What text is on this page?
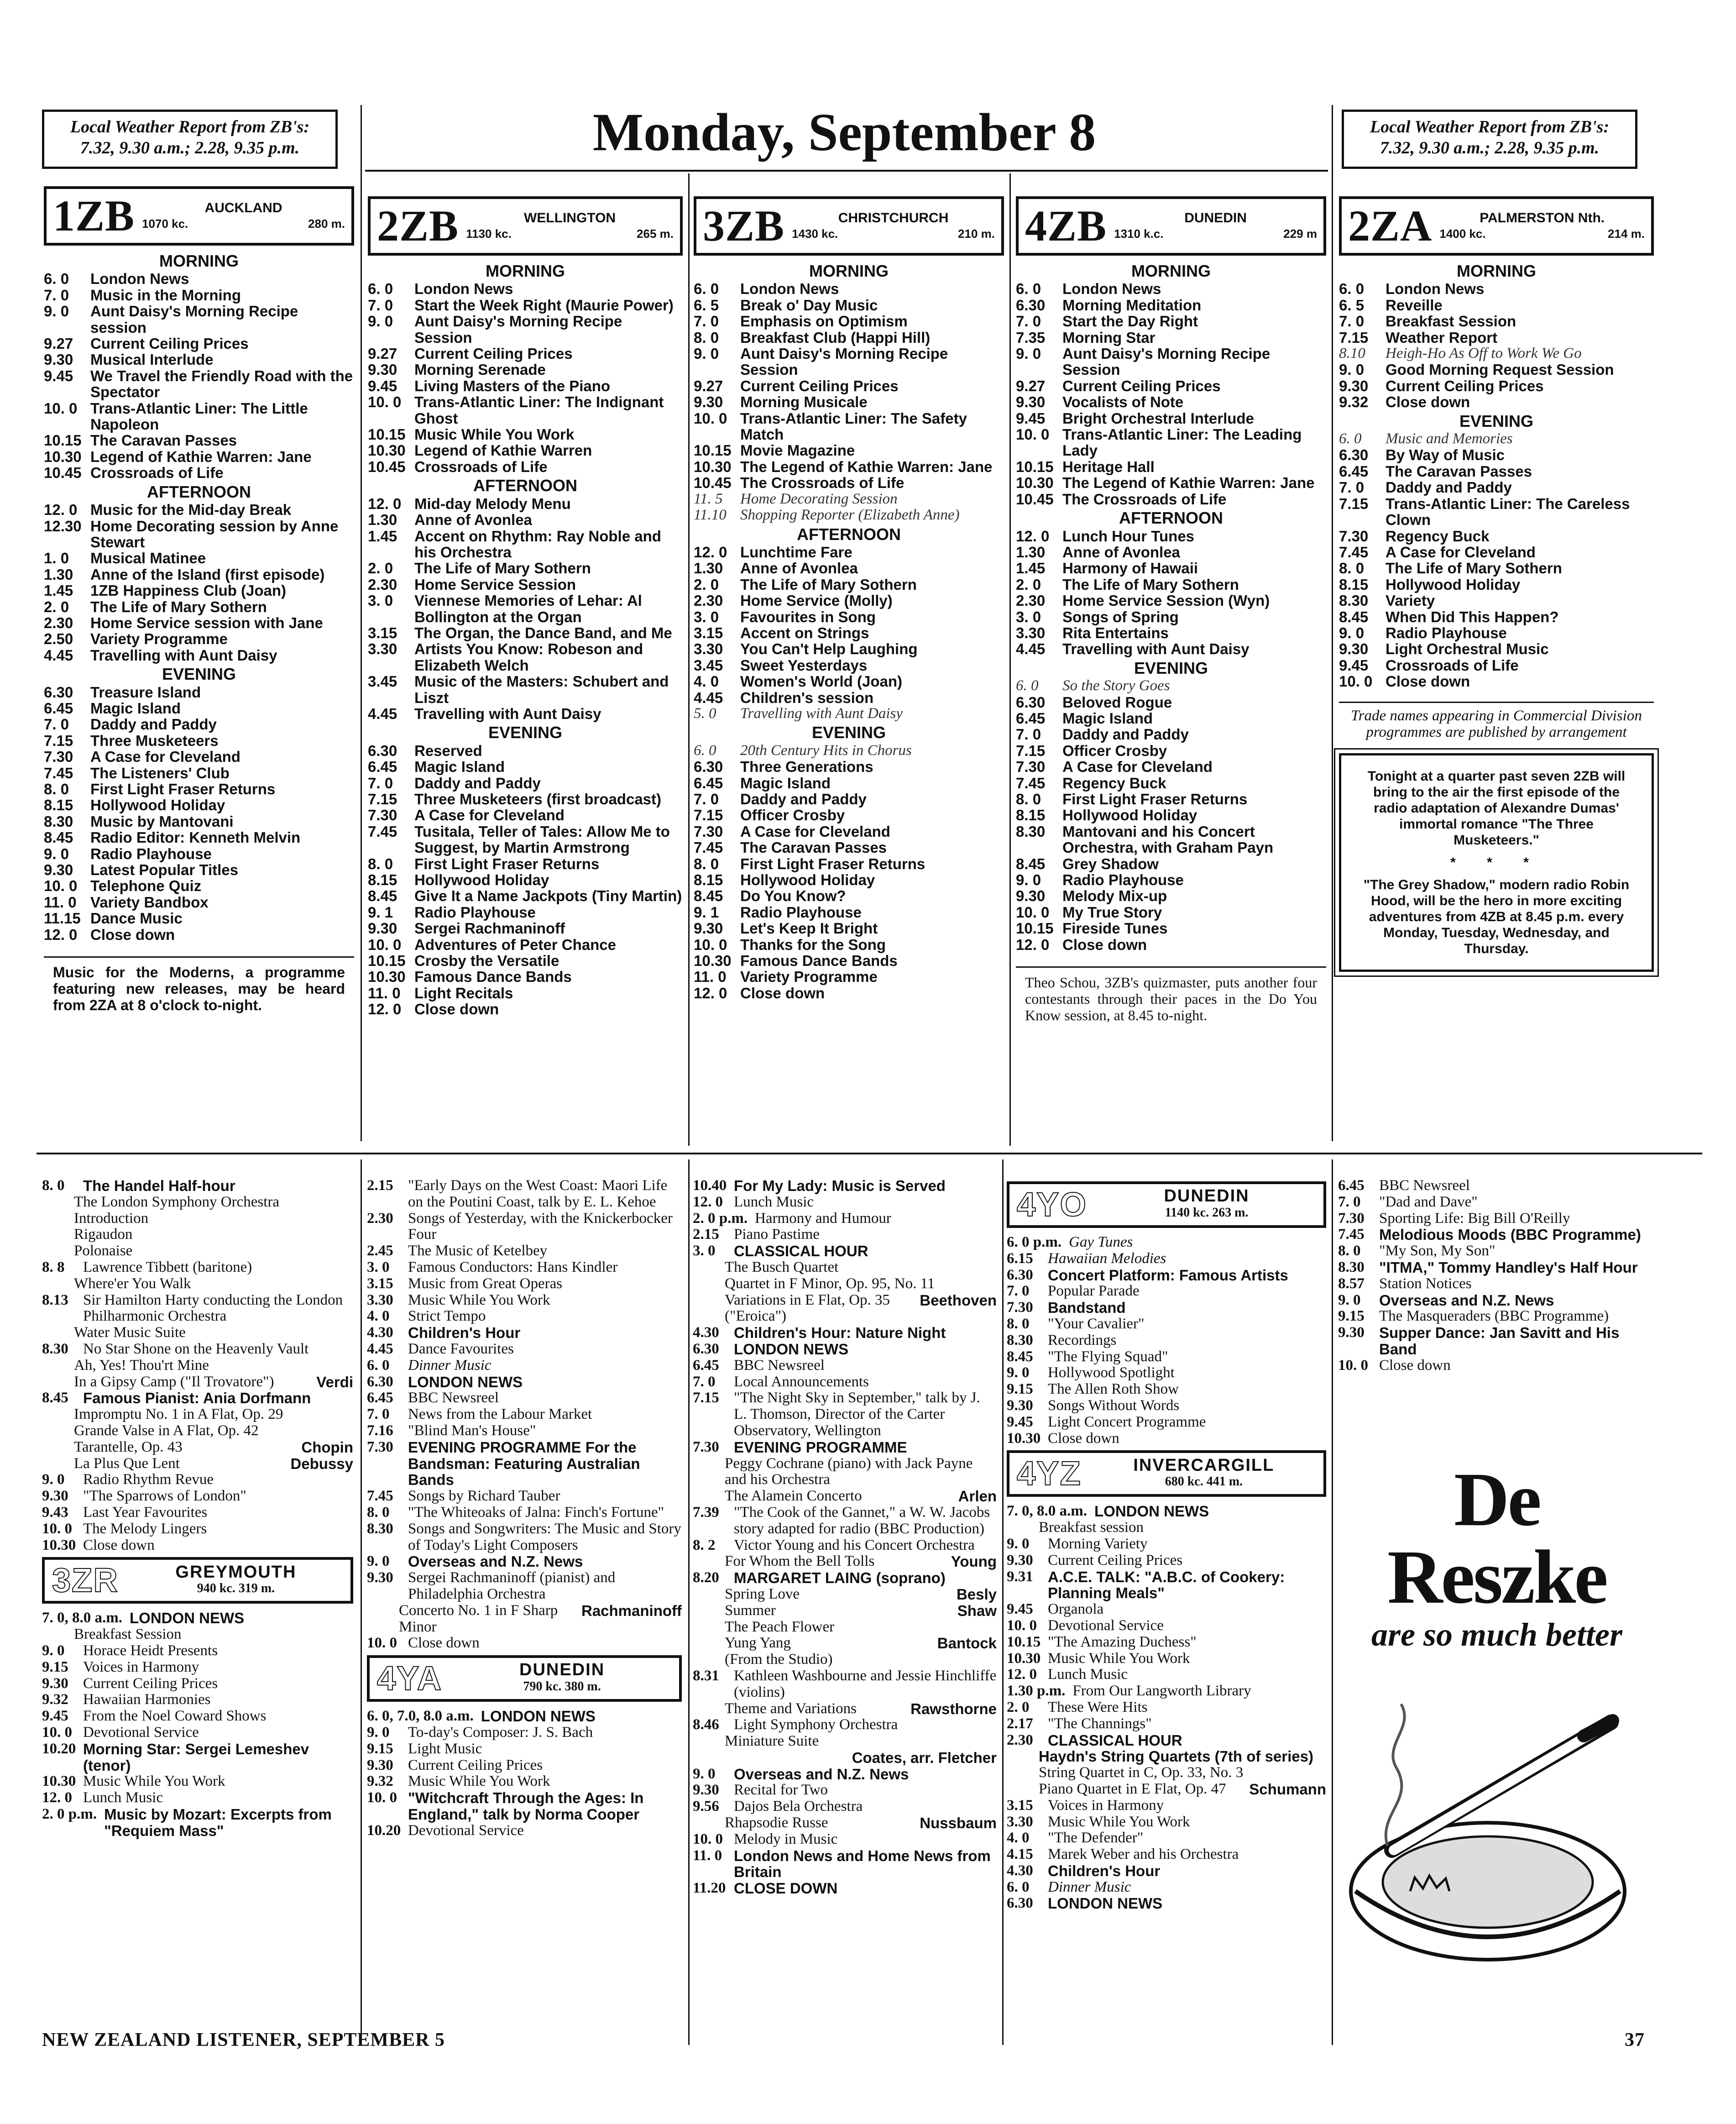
Local Weather Report from ZB's:
7.32, 9.30 a.m.; 2.28, 9.35 p.m.	Monday, September 8	Local Weather Report from ZB's:
7.32, 9.30 a.m.; 2.28, 9.35 p.m.
1ZB	AUCKLAND
1070 kc.	280 m.
MORNING
6. 0	London News
7. 0	Music in the Morning
9. 0	Aunt Daisy's Morning Recipe session
9.27	Current Ceiling Prices
9.30	Musical Interlude
9.45	We Travel the Friendly Road with the Spectator
10. 0 Trans-Atlantic Liner: The Little Napoleon
10.15 The Caravan Passes
10.30 Legend of Kathie Warren: Jane
10.45 Crossroads of Life
AFTERNOON
12. 0 Music for the Mid-day Break
12.30 Home Decorating session by Anne Stewart
1. 0	Musical Matinee
1.30	Anne of the Island (first episode)
1.45	1ZB Happiness Club (Joan)
2. 0	The Life of Mary Sothern
2.30	Home Service session with Jane
2.50	Variety Programme
4.45	Travelling with Aunt Daisy
EVENING
6.30	Treasure Island
6.45	Magic Island
7. 0	Daddy and Paddy
7.15	Three Musketeers
7.30	A Case for Cleveland
7.45	The Listeners' Club
8. 0	First Light Fraser Returns
8.15	Hollywood Holiday
8.30	Music by Mantovani
8.45	Radio Editor: Kenneth Melvin
9. 0	Radio Playhouse
9.30	Latest Popular Titles
10. 0 Telephone Quiz
11. 0 Variety Bandbox
11.15 Dance Music
12. 0 Close down
Music for the Moderns, a programme featuring new releases, may be heard from 2ZA at 8 o'clock to-night.
2ZB	WELLINGTON
1130 kc.	265 m.
MORNING
6. 0	London News
7. 0	Start the Week Right (Maurie Power)
9. 0	Aunt Daisy's Morning Recipe Session
9.27	Current Ceiling Prices
9.30	Morning Serenade
9.45	Living Masters of the Piano
10. 0 Trans-Atlantic Liner: The Indignant Ghost
10.15 Music While You Work
10.30 Legend of Kathie Warren
10.45 Crossroads of Life
AFTERNOON
12. 0 Mid-day Melody Menu
1.30	Anne of Avonlea
1.45	Accent on Rhythm: Ray Noble and his Orchestra
2. 0	The Life of Mary Sothern
2.30	Home Service Session
3. 0	Viennese Memories of Lehar: Al Bollington at the Organ
3.15	The Organ, the Dance Band, and Me
3.30	Artists You Know: Robeson and Elizabeth Welch
3.45	Music of the Masters: Schubert and Liszt
4.45	Travelling with Aunt Daisy
EVENING
6.30	Reserved
6.45	Magic Island
7. 0	Daddy and Paddy
7.15	Three Musketeers (first broadcast)
7.30	A Case for Cleveland
7.45	Tusitala, Teller of Tales: Allow Me to Suggest, by Martin Armstrong
8. 0	First Light Fraser Returns
8.15	Hollywood Holiday
8.45	Give It a Name Jackpots (Tiny Martin)
9. 1	Radio Playhouse
9.30	Sergei Rachmaninoff
10. 0 Adventures of Peter Chance
10.15 Crosby the Versatile
10.30 Famous Dance Bands
11. 0 Light Recitals
12. 0 Close down
3ZB	CHRISTCHURCH
1430 kc.	210 m.
MORNING
6. 0	London News
6. 5	Break o' Day Music
7. 0	Emphasis on Optimism
8. 0	Breakfast Club (Happi Hill)
9. 0	Aunt Daisy's Morning Recipe Session
9.27	Current Ceiling Prices
9.30	Morning Musicale
10. 0 Trans-Atlantic Liner: The Safety Match
10.15 Movie Magazine
10.30 The Legend of Kathie Warren: Jane
10.45 The Crossroads of Life
11. 5	Home Decorating Session
11.10 Shopping Reporter (Elizabeth Anne)
AFTERNOON
12. 0 Lunchtime Fare
1.30	Anne of Avonlea
2. 0	The Life of Mary Sothern
2.30	Home Service (Molly)
3. 0	Favourites in Song
3.15	Accent on Strings
3.30	You Can't Help Laughing
3.45	Sweet Yesterdays
4. 0	Women's World (Joan)
4.45	Children's session
5. 0	Travelling with Aunt Daisy
EVENING
6. 0	20th Century Hits in Chorus
6.30	Three Generations
6.45	Magic Island
7. 0	Daddy and Paddy
7.15	Officer Crosby
7.30	A Case for Cleveland
7.45	The Caravan Passes
8. 0	First Light Fraser Returns
8.15	Hollywood Holiday
8.45	Do You Know?
9. 1	Radio Playhouse
9.30	Let's Keep It Bright
10. 0 Thanks for the Song
10.30 Famous Dance Bands
11. 0 Variety Programme
12. 0 Close down
4ZB	DUNEDIN
1310 k.c.	229 m
MORNING
6. 0	London News
6.30	Morning Meditation
7. 0	Start the Day Right
7.35	Morning Star
9. 0	Aunt Daisy's Morning Recipe Session
9.27	Current Ceiling Prices
9.30	Vocalists of Note
9.45	Bright Orchestral Interlude
10. 0 Trans-Atlantic Liner: The Leading Lady
10.15 Heritage Hall
10.30 The Legend of Kathie Warren: Jane
10.45 The Crossroads of Life
AFTERNOON
12. 0 Lunch Hour Tunes
1.30	Anne of Avonlea
1.45	Harmony of Hawaii
2. 0	The Life of Mary Sothern
2.30	Home Service Session (Wyn)
3. 0	Songs of Spring
3.30	Rita Entertains
4.45	Travelling with Aunt Daisy
EVENING
6. 0	So the Story Goes
6.30	Beloved Rogue
6.45	Magic Island
7. 0	Daddy and Paddy
7.15	Officer Crosby
7.30	A Case for Cleveland
7.45	Regency Buck
8. 0	First Light Fraser Returns
8.15	Hollywood Holiday
8.30	Mantovani and his Concert Orchestra, with Graham Payn
8.45	Grey Shadow
9. 0	Radio Playhouse
9.30	Melody Mix-up
10. 0 My True Story
10.15 Fireside Tunes
12. 0 Close down
Theo Schou, 3ZB's quizmaster, puts another four contestants through their paces in the Do You Know session, at 8.45 to-night.
2ZA	PALMERSTON Nth.
1400 kc.	214 m.
MORNING
6. 0	London News
6. 5	Reveille
7. 0	Breakfast Session
7.15	Weather Report
8.10	Heigh-Ho As Off to Work We Go
9. 0	Good Morning Request Session
9.30	Current Ceiling Prices
9.32	Close down
EVENING
6. 0	Music and Memories
6.30	By Way of Music
6.45	The Caravan Passes
7. 0	Daddy and Paddy
7.15	Trans-Atlantic Liner: The Careless Clown
7.30	Regency Buck
7.45	A Case for Cleveland
8. 0	The Life of Mary Sothern
8.15	Hollywood Holiday
8.30	Variety
8.45	When Did This Happen?
9. 0	Radio Playhouse
9.30	Light Orchestral Music
9.45	Crossroads of Life
10. 0 Close down
Trade names appearing in Commercial Division programmes are published by arrangement
Tonight at a quarter past seven 2ZB will bring to the air the first episode of the radio adaptation of Alexandre Dumas' immortal romance "The Three Musketeers."
* * *
"The Grey Shadow," modern radio Robin Hood, will be the hero in more exciting adventures from 4ZB at 8.45 p.m. every Monday, Tuesday, Wednesday, and Thursday.
8. 0	The Handel Half-hour
The London Symphony Orchestra
Introduction
Rigaudon
Polonaise
8. 8	Lawrence Tibbett (baritone)
Where'er You Walk
8.13 Sir Hamilton Harty conducting the London Philharmonic Orchestra
Water Music Suite
8.30 No Star Shone on the Heavenly Vault
Ah, Yes! Thou'rt Mine
In a Gipsy Camp ("Il Trovatore")	Verdi
8.45 Famous Pianist: Ania Dorfmann
Impromptu No. 1 in A Flat, Op. 29
Grande Valse in A Flat, Op. 42
Tarantelle, Op. 43	Chopin
La Plus Que Lent	Debussy
9. 0	Radio Rhythm Revue
9.30 "The Sparrows of London"
9.43 Last Year Favourites
10. 0 The Melody Lingers
10.30 Close down
3ZR	GREYMOUTH
940 kc. 319 m.
7. 0, 8.0 a.m. LONDON NEWS
Breakfast Session
9. 0	Horace Heidt Presents
9.15 Voices in Harmony
9.30 Current Ceiling Prices
9.32 Hawaiian Harmonies
9.45 From the Noel Coward Shows
10. 0 Devotional Service
10.20 Morning Star: Sergei Lemeshev (tenor)
10.30 Music While You Work
12. 0 Lunch Music
2. 0 p.m. Music by Mozart: Excerpts from "Requiem Mass"
2.15 "Early Days on the West Coast: Maori Life on the Poutini Coast, talk by E. L. Kehoe
2.30 Songs of Yesterday, with the Knickerbocker Four
2.45 The Music of Ketelbey
3. 0	Famous Conductors: Hans Kindler
3.15 Music from Great Operas
3.30 Music While You Work
4. 0	Strict Tempo
4.30 Children's Hour
4.45 Dance Favourites
6. 0	Dinner Music
6.30 LONDON NEWS
6.45 BBC Newsreel
7. 0	News from the Labour Market
7.16 "Blind Man's House"
7.30 EVENING PROGRAMME For the Bandsman: Featuring Australian Bands
7.45 Songs by Richard Tauber
8. 0	"The Whiteoaks of Jalna: Finch's Fortune"
8.30 Songs and Songwriters: The Music and Story of Today's Light Composers
9. 0	Overseas and N.Z. News
9.30 Sergei Rachmaninoff (pianist) and Philadelphia Orchestra
Concerto No. 1 in F Sharp Minor
Rachmaninoff
10. 0 Close down
4YA	DUNEDIN
790 kc. 380 m.
6. 0, 7.0, 8.0 a.m. LONDON NEWS
9. 0	To-day's Composer: J. S. Bach
9.15 Light Music
9.30 Current Ceiling Prices
9.32 Music While You Work
10. 0 "Witchcraft Through the Ages: In England," talk by Norma Cooper
10.20 Devotional Service
10.40 For My Lady: Music is Served
12. 0 Lunch Music
2. 0 p.m. Harmony and Humour
2.15 Piano Pastime
3. 0	CLASSICAL HOUR
The Busch Quartet
Quartet in F Minor, Op. 95, No. 11
Variations in E Flat, Op. 35 ("Eroica")
Beethoven
4.30 Children's Hour: Nature Night
6.30 LONDON NEWS
6.45 BBC Newsreel
7. 0	Local Announcements
7.15 "The Night Sky in September," talk by J. L. Thomson, Director of the Carter Observatory, Wellington
7.30 EVENING PROGRAMME
Peggy Cochrane (piano) with Jack Payne and his Orchestra
The Alamein Concerto	Arlen
7.39 "The Cook of the Gannet," a W. W. Jacobs story adapted for radio (BBC Production)
8. 2	Victor Young and his Concert Orchestra
For Whom the Bell Tolls	Young
8.20 MARGARET LAING (soprano)
Spring Love	Besly
Summer	Shaw
The Peach Flower
Yung Yang	Bantock
(From the Studio)
8.31 Kathleen Washbourne and Jessie Hinchliffe (violins)
Theme and Variations	Rawsthorne
8.46 Light Symphony Orchestra
Miniature Suite
Coates, arr. Fletcher
9. 0	Overseas and N.Z. News
9.30 Recital for Two
9.56 Dajos Bela Orchestra
Rhapsodie Russe	Nussbaum
10. 0 Melody in Music
11. 0 London News and Home News from Britain
11.20 CLOSE DOWN
4YO	DUNEDIN
1140 kc. 263 m.
6. 0 p.m. Gay Tunes
6.15 Hawaiian Melodies
6.30 Concert Platform: Famous Artists
7. 0	Popular Parade
7.30 Bandstand
8. 0	"Your Cavalier"
8.30 Recordings
8.45 "The Flying Squad"
9. 0	Hollywood Spotlight
9.15 The Allen Roth Show
9.30 Songs Without Words
9.45 Light Concert Programme
10.30 Close down
4YZ	INVERCARGILL
680 kc. 441 m.
7. 0, 8.0 a.m. LONDON NEWS
Breakfast session
9. 0	Morning Variety
9.30 Current Ceiling Prices
9.31 A.C.E. TALK: "A.B.C. of Cookery: Planning Meals"
9.45 Organola
10. 0 Devotional Service
10.15 "The Amazing Duchess"
10.30 Music While You Work
12. 0 Lunch Music
1.30 p.m. From Our Langworth Library
2. 0	These Were Hits
2.17 "The Channings"
2.30 CLASSICAL HOUR
Haydn's String Quartets (7th of series)
String Quartet in C, Op. 33, No. 3
Piano Quartet in E Flat, Op. 47 Schumann
3.15 Voices in Harmony
3.30 Music While You Work
4. 0	"The Defender"
4.15 Marek Weber and his Orchestra
4.30 Children's Hour
6. 0	Dinner Music
6.30 LONDON NEWS
6.45 BBC Newsreel
7. 0	"Dad and Dave"
7.30 Sporting Life: Big Bill O'Reilly
7.45 Melodious Moods (BBC Programme)
8. 0	"My Son, My Son"
8.30 "ITMA," Tommy Handley's Half Hour
8.57 Station Notices
9. 0	Overseas and N.Z. News
9.15 The Masqueraders (BBC Programme)
9.30 Supper Dance: Jan Savitt and His Band
10. 0 Close down
De Reszke
are so much better
NEW ZEALAND LISTENER, SEPTEMBER 5	37
